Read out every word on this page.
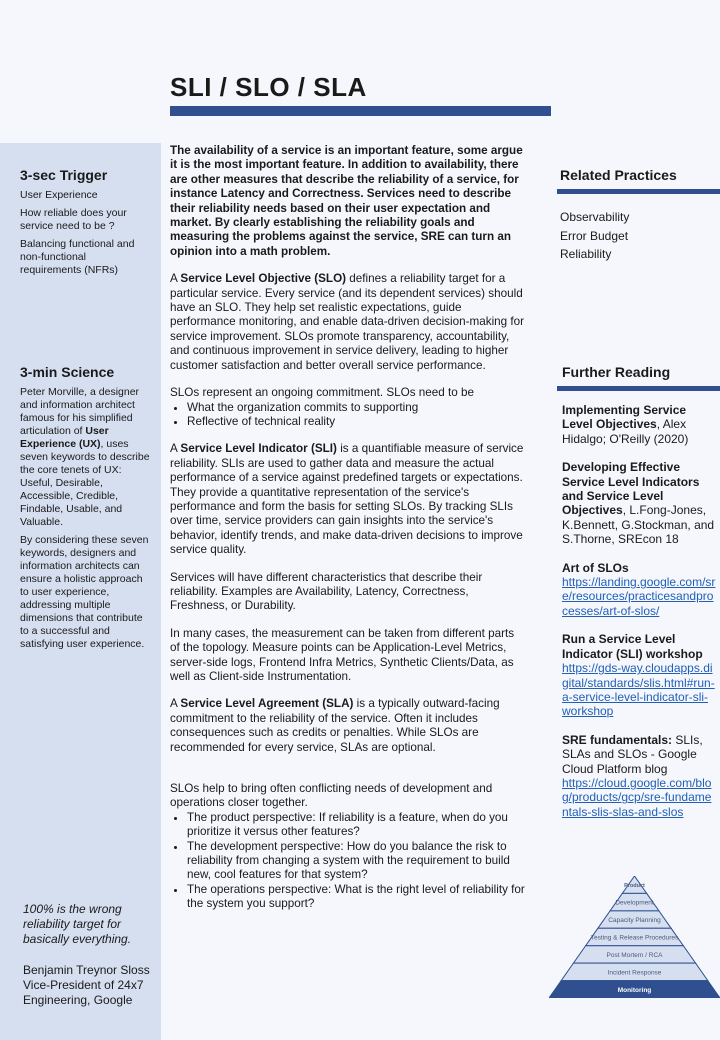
SLI / SLO / SLA
3-sec Trigger

User Experience

How reliable does your service need to be ?

Balancing functional and non-functional requirements (NFRs)

3-min Science

Peter Morville, a designer and information architect famous for his simplified articulation of User Experience (UX), uses seven keywords to describe the core tenets of UX: Useful, Desirable, Accessible, Credible, Findable, Usable, and Valuable.

By considering these seven keywords, designers and information architects can ensure a holistic approach to user experience, addressing multiple dimensions that contribute to a successful and satisfying user experience.

100% is the wrong reliability target for basically everything.
Benjamin Treynor Sloss
Vice-President of 24x7 Engineering, Google

The availability of a service is an important feature, some argue it is the most important feature. In addition to availability, there are other measures that describe the reliability of a service, for instance Latency and Correctness. Services need to describe their reliability needs based on their user expectation and market. By clearly establishing the reliability goals and measuring the problems against the service, SRE can turn an opinion into a math problem.

A Service Level Objective (SLO) defines a reliability target for a particular service. Every service (and its dependent services) should have an SLO. They help set realistic expectations, guide performance monitoring, and enable data-driven decision-making for service improvement. SLOs promote transparency, accountability, and continuous improvement in service delivery, leading to higher customer satisfaction and better overall service performance.

SLOs represent an ongoing commitment. SLOs need to be

• What the organization commits to supporting
• Reflective of technical reality

A Service Level Indicator (SLI) is a quantifiable measure of service reliability. SLIs are used to gather data and measure the actual performance of a service against predefined targets or expectations. They provide a quantitative representation of the service's performance and form the basis for setting SLOs. By tracking SLIs over time, service providers can gain insights into the service's behavior, identify trends, and make data-driven decisions to improve service quality.

Services will have different characteristics that describe their reliability. Examples are Availability, Latency, Correctness, Freshness, or Durability.

In many cases, the measurement can be taken from different parts of the topology. Measure points can be Application-Level Metrics, server-side logs, Frontend Infra Metrics, Synthetic Clients/Data, as well as Client-side Instrumentation.

A Service Level Agreement (SLA) is a typically outward-facing commitment to the reliability of the service. Often it includes consequences such as credits or penalties. While SLOs are recommended for every service, SLAs are optional.

SLOs help to bring often conflicting needs of development and operations closer together.

• The product perspective: If reliability is a feature, when do you prioritize it versus other features?
• The development perspective: How do you balance the risk to reliability from changing a system with the requirement to build new, cool features for that system?
• The operations perspective: What is the right level of reliability for the system you support?
Related Practices
Observability
Error Budget
Reliability
Further Reading
Implementing Service Level Objectives, Alex Hidalgo; O'Reilly (2020)
Developing Effective Service Level Indicators and Service Level Objectives, L.Fong-Jones, K.Bennett, G.Stockman, and S.Thorne, SREcon 18
Art of SLOs
https://landing.google.com/sre/resources/practicesandprocesses/art-of-slos/
Run a Service Level Indicator (SLI) workshop
https://gds-way.cloudapps.digital/standards/slis.html#run-a-service-level-indicator-sli-workshop
SRE fundamentals: SLIs, SLAs and SLOs - Google Cloud Platform blog
https://cloud.google.com/blog/products/gcp/sre-fundamentals-slis-slas-and-slos
Product
Development
Capacity Planning
Testing & Release Procedures
Post Mortem / RCA
Incident Response
Monitoring
